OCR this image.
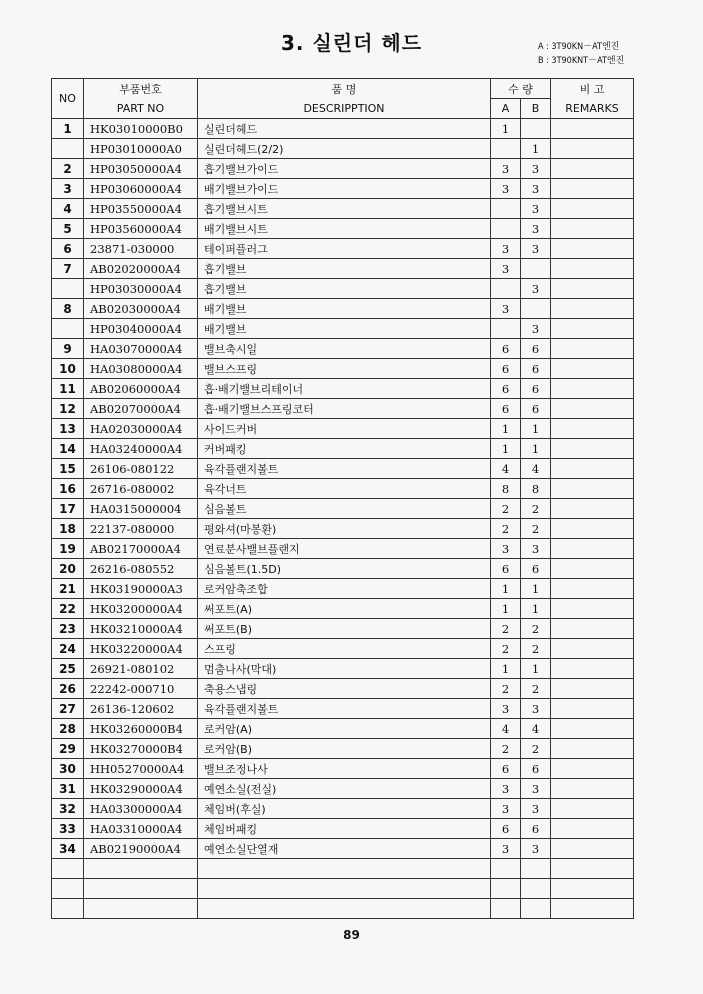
3. 실린더 헤드	A : 3T90KN－AT엔진
B : 3T90KNT－AT엔진
NO	부품번호	품 명	수 량		비 고
	PART NO	DESCRIPPTION	A	B	REMARKS
1	HK03010000B0	실린더헤드	1		
	HP03010000A0	실린더헤드(2/2)		1	
2	HP03050000A4	흡기밸브가이드	3	3	
3	HP03060000A4	배기밸브가이드	3	3	
4	HP03550000A4	흡기밸브시트		3	
5	HP03560000A4	배기밸브시트		3	
6	23871-030000	테이퍼플러그	3	3	
7	AB02020000A4	흡기밸브	3		
	HP03030000A4	흡기밸브		3	
8	AB02030000A4	배기밸브	3		
	HP03040000A4	배기밸브		3	
9	HA03070000A4	밸브축시일	6	6	
10	HA03080000A4	밸브스프링	6	6	
11	AB02060000A4	흡·배기밸브리테이너	6	6	
12	AB02070000A4	흡·배기밸브스프링코터	6	6	
13	HA02030000A4	사이드커버	1	1	
14	HA03240000A4	커버패킹	1	1	
15	26106-080122	육각플랜지볼트	4	4	
16	26716-080002	육각너트	8	8	
17	HA0315000004	심음볼트	2	2	
18	22137-080000	평와셔(마봉환)	2	2	
19	AB02170000A4	연료분사밸브플랜지	3	3	
20	26216-080552	심음볼트(1.5D)	6	6	
21	HK03190000A3	로커암축조합	1	1	
22	HK03200000A4	써포트(A)	1	1	
23	HK03210000A4	써포트(B)	2	2	
24	HK03220000A4	스프링	2	2	
25	26921-080102	멈춤나사(막대)	1	1	
26	22242-000710	축용스냅링	2	2	
27	26136-120602	육각플랜지볼트	3	3	
28	HK03260000B4	로커암(A)	4	4	
29	HK03270000B4	로커암(B)	2	2	
30	HH05270000A4	밸브조정나사	6	6	
31	HK03290000A4	예연소실(전실)	3	3	
32	HA03300000A4	체임버(후실)	3	3	
33	HA03310000A4	체임버패킹	6	6	
34	AB02190000A4	예연소실단열재	3	3	

89
